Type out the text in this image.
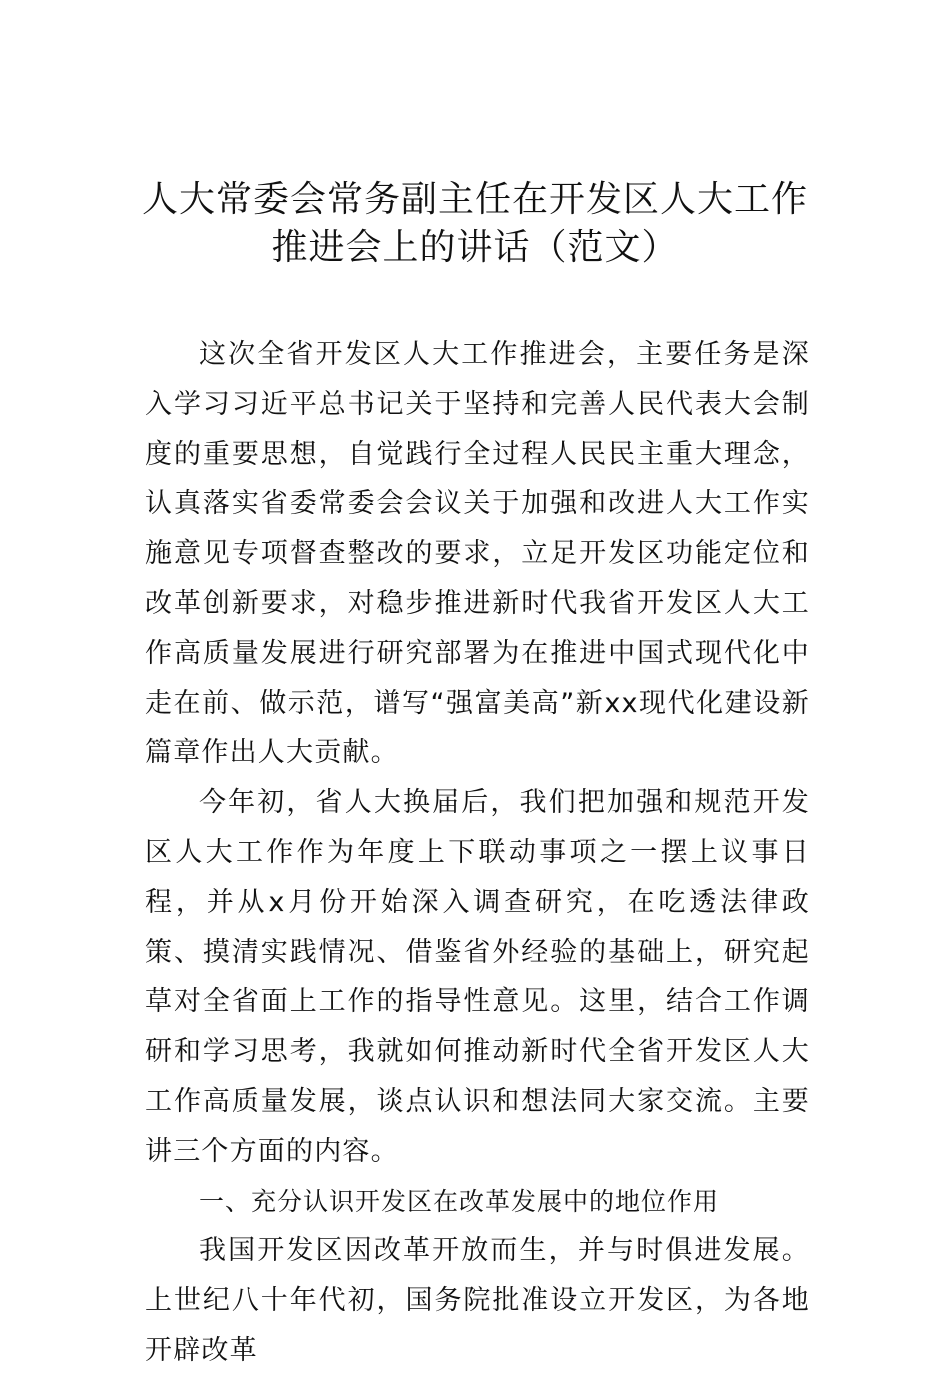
人大常委会常务副主任在开发区人大工作
推进会上的讲话（范文）

这次全省开发区人大工作推进会，主要任务是深入学习习近平总书记关于坚持和完善人民代表大会制度的重要思想，自觉践行全过程人民民主重大理念，认真落实省委常委会会议关于加强和改进人大工作实施意见专项督查整改的要求，立足开发区功能定位和改革创新要求，对稳步推进新时代我省开发区人大工作高质量发展进行研究部署为在推进中国式现代化中走在前、做示范，谱写“强富美高”新xx现代化建设新篇章作出人大贡献。

今年初，省人大换届后，我们把加强和规范开发区人大工作作为年度上下联动事项之一摆上议事日程，并从x月份开始深入调查研究，在吃透法律政策、摸清实践情况、借鉴省外经验的基础上，研究起草对全省面上工作的指导性意见。这里，结合工作调研和学习思考，我就如何推动新时代全省开发区人大工作高质量发展，谈点认识和想法同大家交流。主要讲三个方面的内容。

一、充分认识开发区在改革发展中的地位作用

我国开发区因改革开放而生，并与时俱进发展。上世纪八十年代初，国务院批准设立开发区，为各地开辟改革
